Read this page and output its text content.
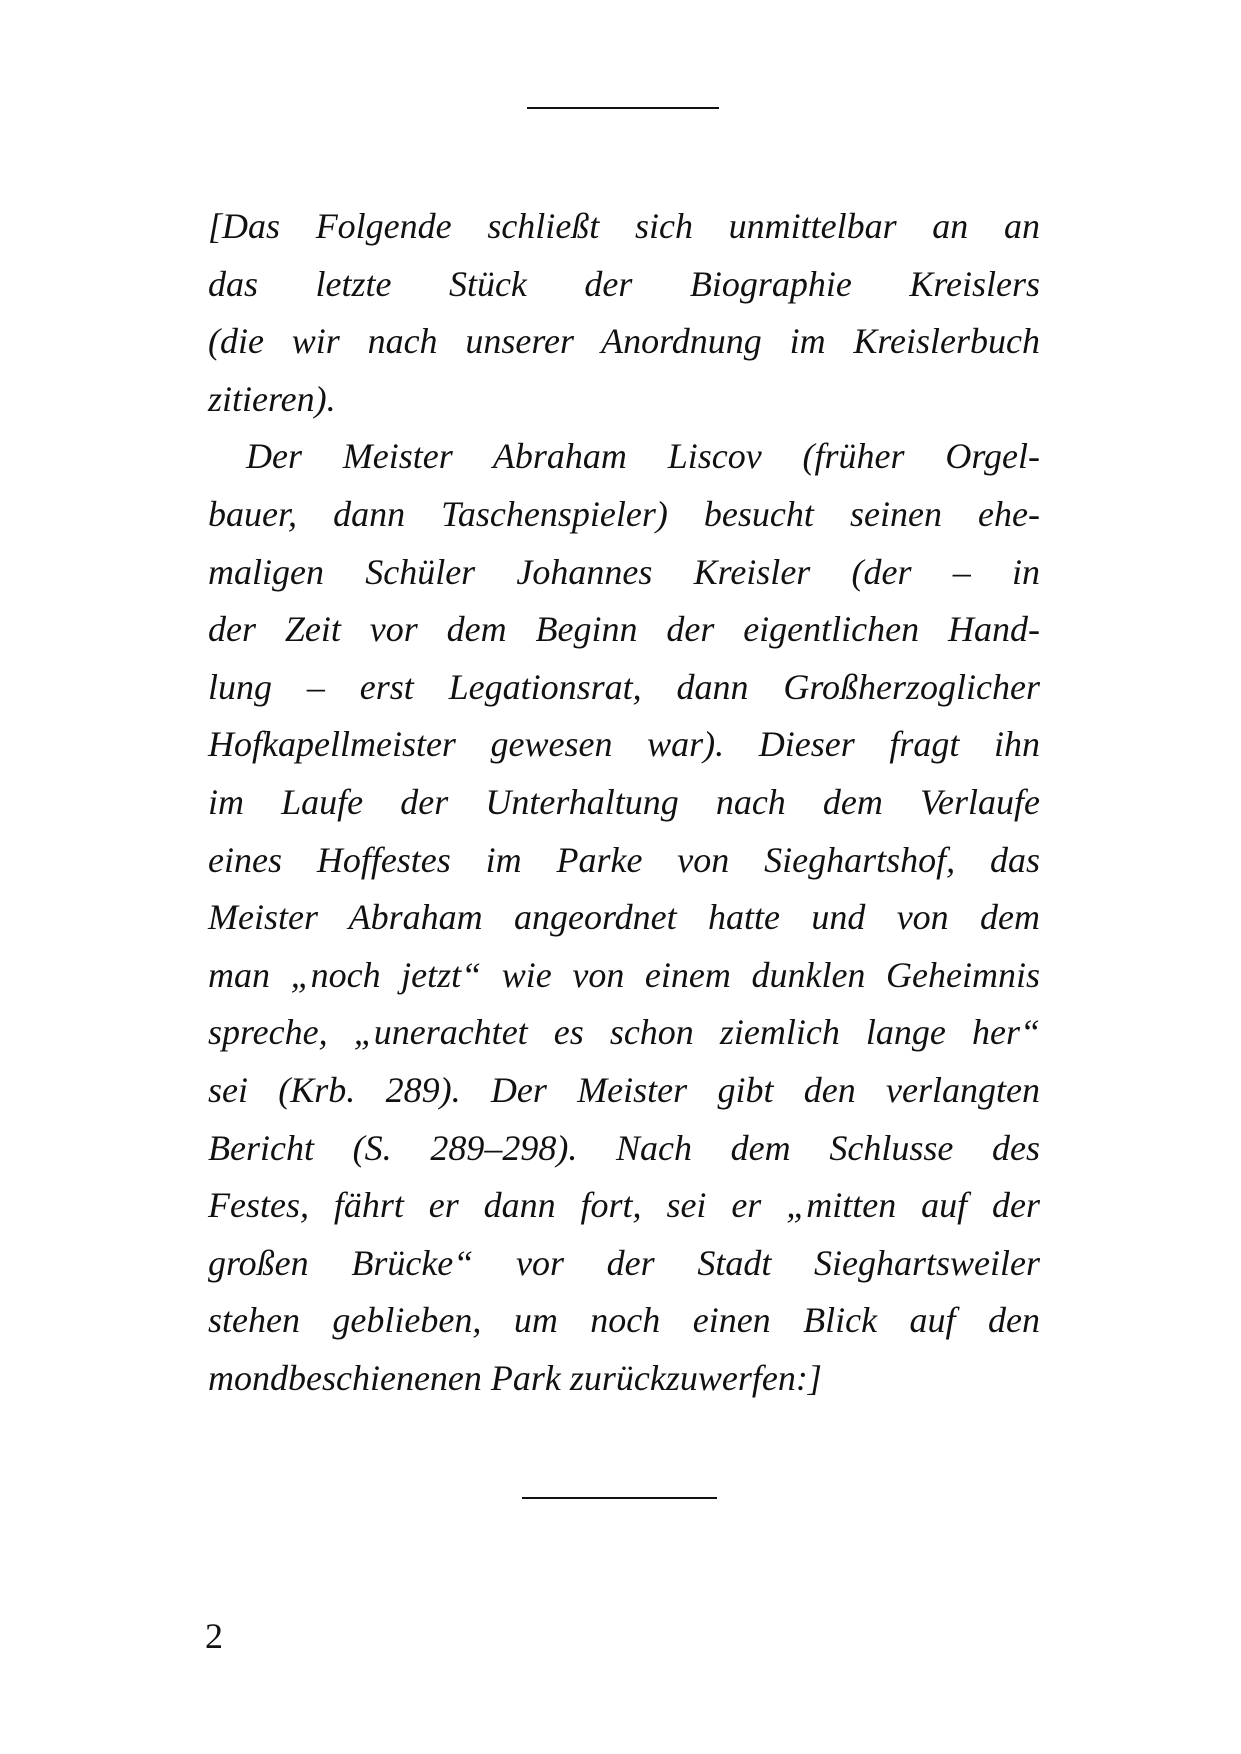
[Das Folgende schließt sich unmittelbar an an
das letzte Stück der Biographie Kreislers
(die wir nach unserer Anordnung im Kreislerbuch
zitieren).
Der Meister Abraham Liscov (früher Orgel-
bauer, dann Taschenspieler) besucht seinen ehe-
maligen Schüler Johannes Kreisler (der – in
der Zeit vor dem Beginn der eigentlichen Hand-
lung – erst Legationsrat, dann Großherzoglicher
Hofkapellmeister gewesen war). Dieser fragt ihn
im Laufe der Unterhaltung nach dem Verlaufe
eines Hoffestes im Parke von Sieghartshof, das
Meister Abraham angeordnet hatte und von dem
man „noch jetzt“ wie von einem dunklen Geheimnis
spreche, „unerachtet es schon ziemlich lange her“
sei (Krb. 289). Der Meister gibt den verlangten
Bericht (S. 289–298). Nach dem Schlusse des
Festes, fährt er dann fort, sei er „mitten auf der
großen Brücke“ vor der Stadt Sieghartsweiler
stehen geblieben, um noch einen Blick auf den
mondbeschienenen Park zurückzuwerfen:]
2
